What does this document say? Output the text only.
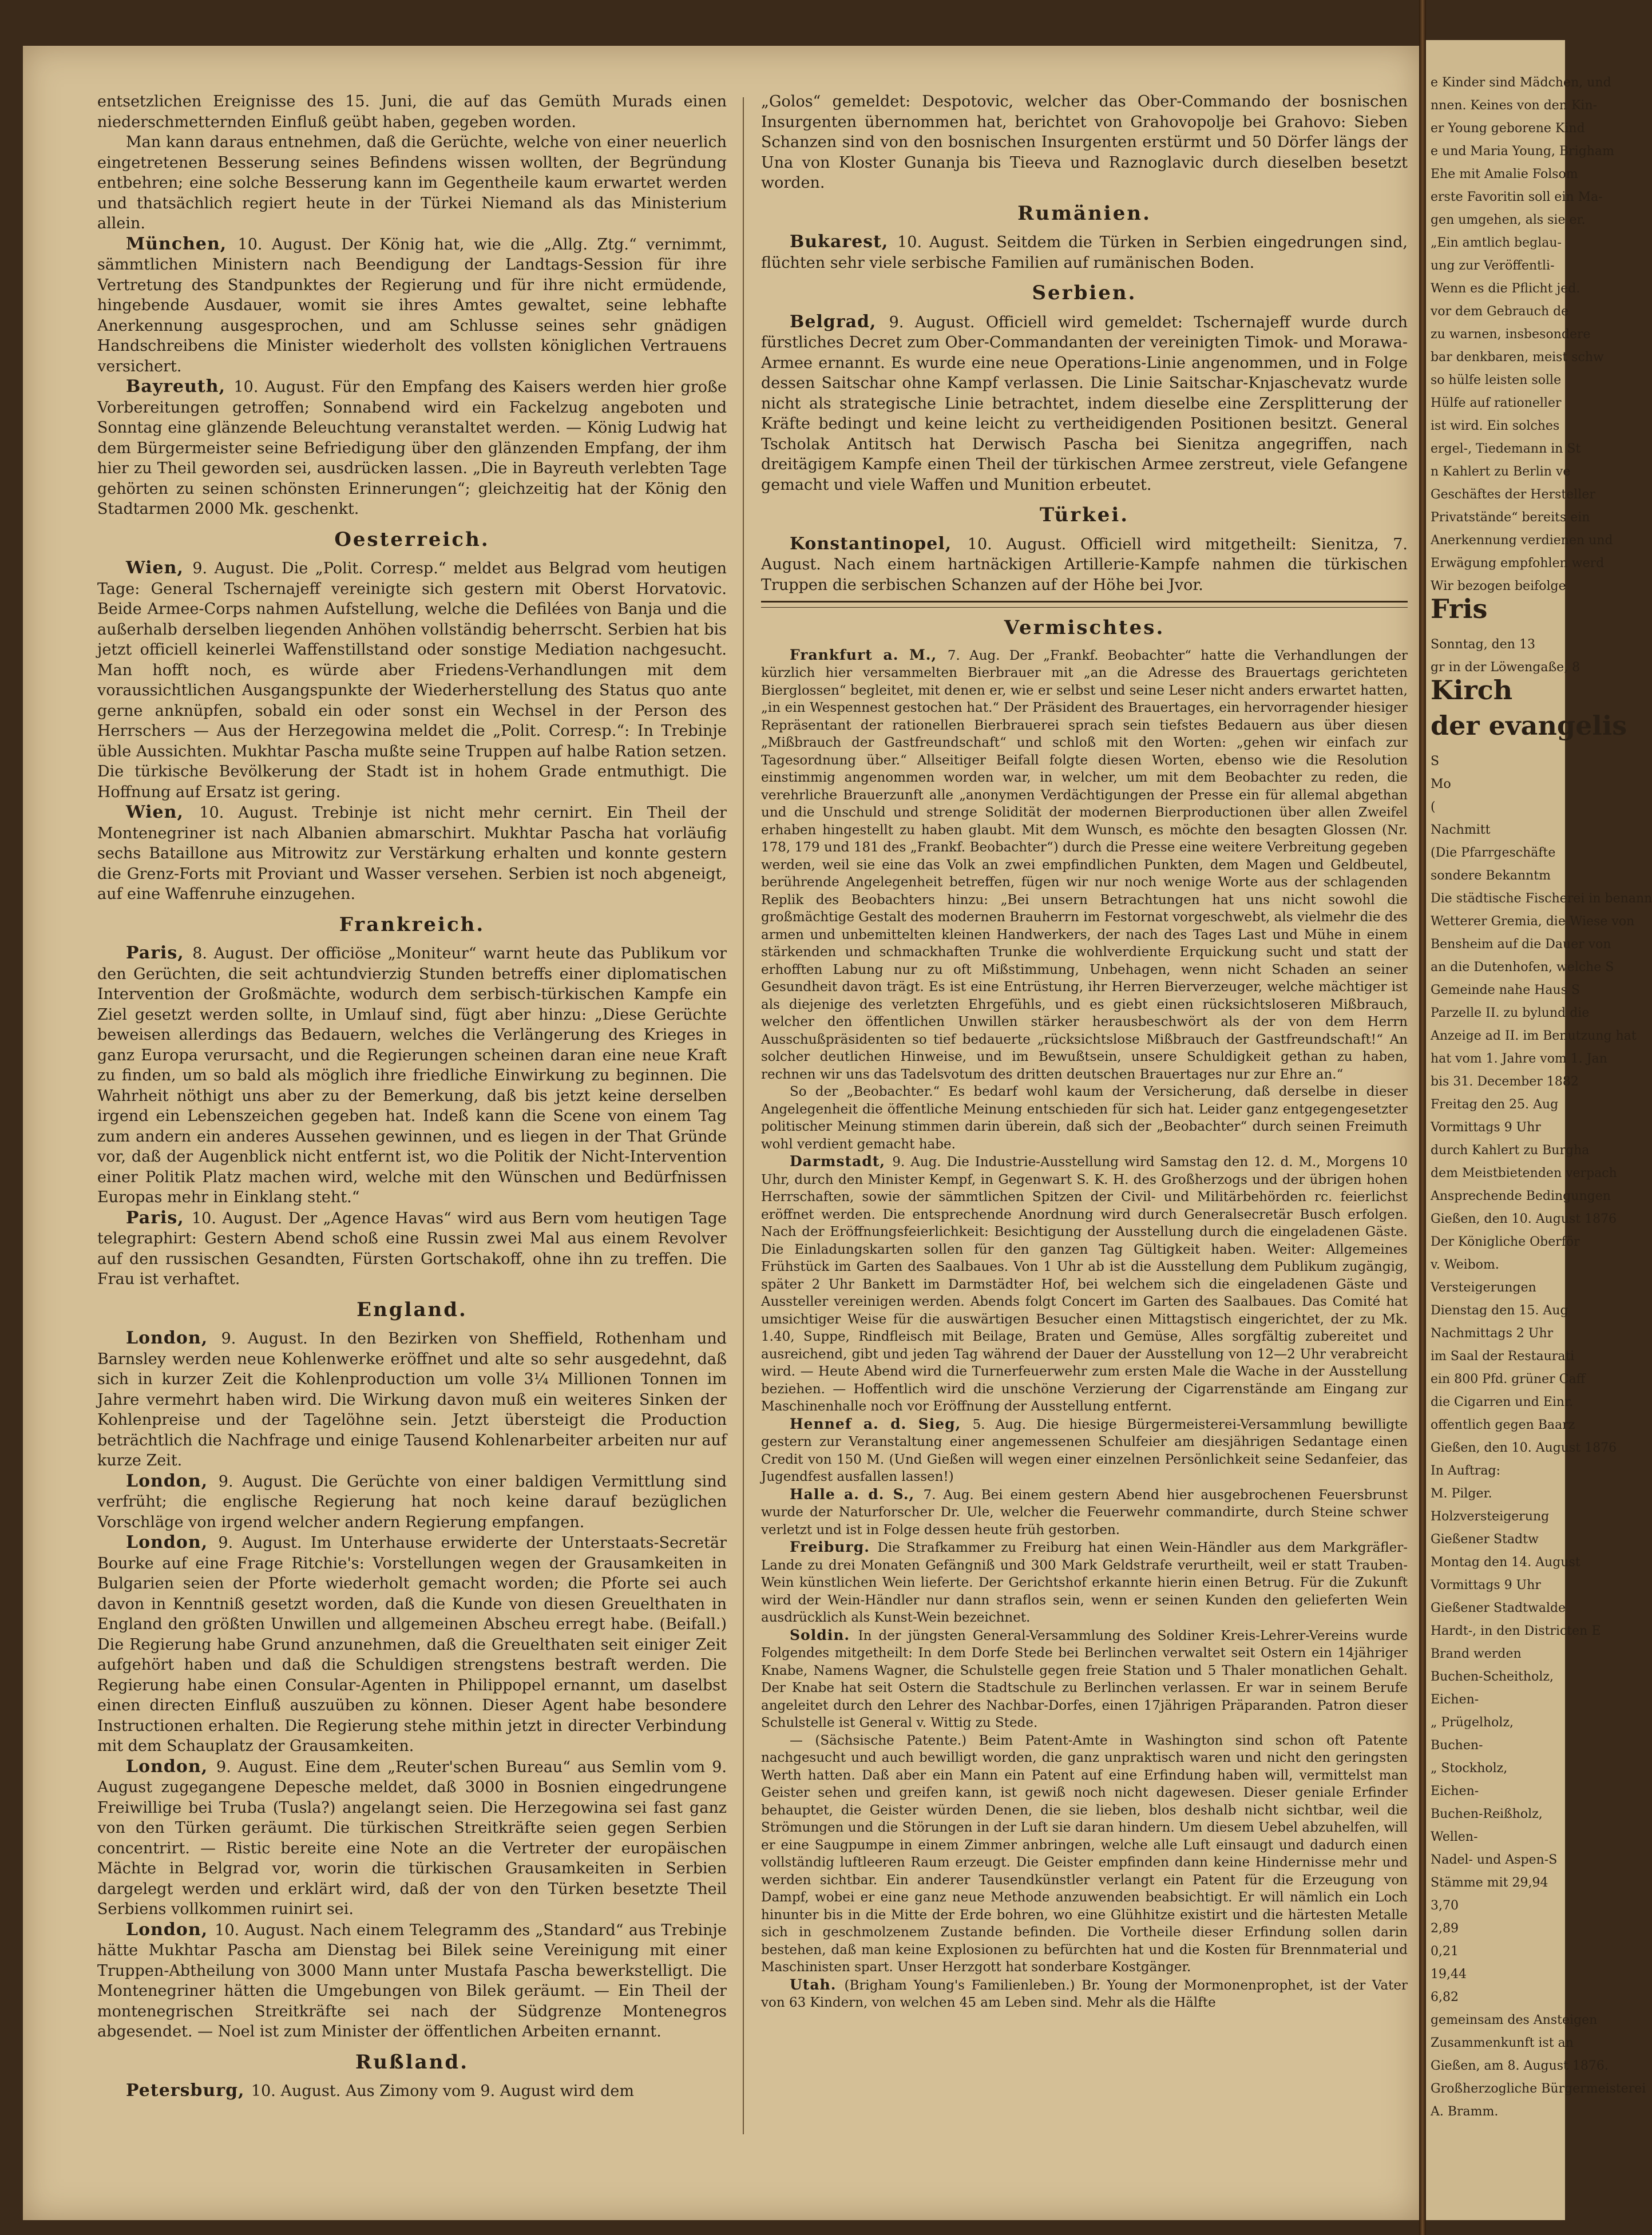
entsetzlichen Ereignisse des 15. Juni, die auf das Gemüth Murads einen niederschmetternden Einfluß geübt haben, gegeben worden.

Man kann daraus entnehmen, daß die Gerüchte, welche von einer neuerlich eingetretenen Besserung seines Befindens wissen wollten, der Begründung entbehren; eine solche Besserung kann im Gegentheile kaum erwartet werden und thatsächlich regiert heute in der Türkei Niemand als das Ministerium allein.

München, 10. August. Der König hat, wie die „Allg. Ztg.“ vernimmt, sämmtlichen Ministern nach Beendigung der Landtags-Session für ihre Vertretung des Standpunktes der Regierung und für ihre nicht ermüdende, hingebende Ausdauer, womit sie ihres Amtes gewaltet, seine lebhafte Anerkennung ausgesprochen, und am Schlusse seines sehr gnädigen Handschreibens die Minister wiederholt des vollsten königlichen Vertrauens versichert.

Bayreuth, 10. August. Für den Empfang des Kaisers werden hier große Vorbereitungen getroffen; Sonnabend wird ein Fackelzug angeboten und Sonntag eine glänzende Beleuchtung veranstaltet werden. — König Ludwig hat dem Bürgermeister seine Befriedigung über den glänzenden Empfang, der ihm hier zu Theil geworden sei, ausdrücken lassen. „Die in Bayreuth verlebten Tage gehörten zu seinen schönsten Erinnerungen“; gleichzeitig hat der König den Stadtarmen 2000 Mk. geschenkt.

Oesterreich.

Wien, 9. August. Die „Polit. Corresp.“ meldet aus Belgrad vom heutigen Tage: General Tschernajeff vereinigte sich gestern mit Oberst Horvatovic. Beide Armee-Corps nahmen Aufstellung, welche die Defilées von Banja und die außerhalb derselben liegenden Anhöhen vollständig beherrscht. Serbien hat bis jetzt officiell keinerlei Waffenstillstand oder sonstige Mediation nachgesucht. Man hofft noch, es würde aber Friedens-Verhandlungen mit dem voraussichtlichen Ausgangspunkte der Wiederherstellung des Status quo ante gerne anknüpfen, sobald ein oder sonst ein Wechsel in der Person des Herrschers — Aus der Herzegowina meldet die „Polit. Corresp.“: In Trebinje üble Aussichten. Mukhtar Pascha mußte seine Truppen auf halbe Ration setzen. Die türkische Bevölkerung der Stadt ist in hohem Grade entmuthigt. Die Hoffnung auf Ersatz ist gering.

Wien, 10. August. Trebinje ist nicht mehr cernirt. Ein Theil der Montenegriner ist nach Albanien abmarschirt. Mukhtar Pascha hat vorläufig sechs Bataillone aus Mitrowitz zur Verstärkung erhalten und konnte gestern die Grenz-Forts mit Proviant und Wasser versehen. Serbien ist noch abgeneigt, auf eine Waffenruhe einzugehen.

Frankreich.

Paris, 8. August. Der officiöse „Moniteur“ warnt heute das Publikum vor den Gerüchten, die seit achtundvierzig Stunden betreffs einer diplomatischen Intervention der Großmächte, wodurch dem serbisch-türkischen Kampfe ein Ziel gesetzt werden sollte, in Umlauf sind, fügt aber hinzu: „Diese Gerüchte beweisen allerdings das Bedauern, welches die Verlängerung des Krieges in ganz Europa verursacht, und die Regierungen scheinen daran eine neue Kraft zu finden, um so bald als möglich ihre friedliche Einwirkung zu beginnen. Die Wahrheit nöthigt uns aber zu der Bemerkung, daß bis jetzt keine derselben irgend ein Lebenszeichen gegeben hat. Indeß kann die Scene von einem Tag zum andern ein anderes Aussehen gewinnen, und es liegen in der That Gründe vor, daß der Augenblick nicht entfernt ist, wo die Politik der Nicht-Intervention einer Politik Platz machen wird, welche mit den Wünschen und Bedürfnissen Europas mehr in Einklang steht.“

Paris, 10. August. Der „Agence Havas“ wird aus Bern vom heutigen Tage telegraphirt: Gestern Abend schoß eine Russin zwei Mal aus einem Revolver auf den russischen Gesandten, Fürsten Gortschakoff, ohne ihn zu treffen. Die Frau ist verhaftet.

England.

London, 9. August. In den Bezirken von Sheffield, Rothenham und Barnsley werden neue Kohlenwerke eröffnet und alte so sehr ausgedehnt, daß sich in kurzer Zeit die Kohlenproduction um volle 3¼ Millionen Tonnen im Jahre vermehrt haben wird. Die Wirkung davon muß ein weiteres Sinken der Kohlenpreise und der Tagelöhne sein. Jetzt übersteigt die Production beträchtlich die Nachfrage und einige Tausend Kohlenarbeiter arbeiten nur auf kurze Zeit.

London, 9. August. Die Gerüchte von einer baldigen Vermittlung sind verfrüht; die englische Regierung hat noch keine darauf bezüglichen Vorschläge von irgend welcher andern Regierung empfangen.

London, 9. August. Im Unterhause erwiderte der Unterstaats-Secretär Bourke auf eine Frage Ritchie's: Vorstellungen wegen der Grausamkeiten in Bulgarien seien der Pforte wiederholt gemacht worden; die Pforte sei auch davon in Kenntniß gesetzt worden, daß die Kunde von diesen Greuelthaten in England den größten Unwillen und allgemeinen Abscheu erregt habe. (Beifall.) Die Regierung habe Grund anzunehmen, daß die Greuelthaten seit einiger Zeit aufgehört haben und daß die Schuldigen strengstens bestraft werden. Die Regierung habe einen Consular-Agenten in Philippopel ernannt, um daselbst einen directen Einfluß auszuüben zu können. Dieser Agent habe besondere Instructionen erhalten. Die Regierung stehe mithin jetzt in directer Verbindung mit dem Schauplatz der Grausamkeiten.

London, 9. August. Eine dem „Reuter'schen Bureau“ aus Semlin vom 9. August zugegangene Depesche meldet, daß 3000 in Bosnien eingedrungene Freiwillige bei Truba (Tusla?) angelangt seien. Die Herzegowina sei fast ganz von den Türken geräumt. Die türkischen Streitkräfte seien gegen Serbien concentrirt. — Ristic bereite eine Note an die Vertreter der europäischen Mächte in Belgrad vor, worin die türkischen Grausamkeiten in Serbien dargelegt werden und erklärt wird, daß der von den Türken besetzte Theil Serbiens vollkommen ruinirt sei.

London, 10. August. Nach einem Telegramm des „Standard“ aus Trebinje hätte Mukhtar Pascha am Dienstag bei Bilek seine Vereinigung mit einer Truppen-Abtheilung von 3000 Mann unter Mustafa Pascha bewerkstelligt. Die Montenegriner hätten die Umgebungen von Bilek geräumt. — Ein Theil der montenegrischen Streitkräfte sei nach der Südgrenze Montenegros abgesendet. — Noel ist zum Minister der öffentlichen Arbeiten ernannt.

Rußland.

Petersburg, 10. August. Aus Zimony vom 9. August wird dem

„Golos“ gemeldet: Despotovic, welcher das Ober-Commando der bosnischen Insurgenten übernommen hat, berichtet von Grahovopolje bei Grahovo: Sieben Schanzen sind von den bosnischen Insurgenten erstürmt und 50 Dörfer längs der Una von Kloster Gunanja bis Tieeva und Raznoglavic durch dieselben besetzt worden.

Rumänien.

Bukarest, 10. August. Seitdem die Türken in Serbien eingedrungen sind, flüchten sehr viele serbische Familien auf rumänischen Boden.

Serbien.

Belgrad, 9. August. Officiell wird gemeldet: Tschernajeff wurde durch fürstliches Decret zum Ober-Commandanten der vereinigten Timok- und Morawa-Armee ernannt. Es wurde eine neue Operations-Linie angenommen, und in Folge dessen Saitschar ohne Kampf verlassen. Die Linie Saitschar-Knjaschevatz wurde nicht als strategische Linie betrachtet, indem dieselbe eine Zersplitterung der Kräfte bedingt und keine leicht zu vertheidigenden Positionen besitzt. General Tscholak Antitsch hat Derwisch Pascha bei Sienitza angegriffen, nach dreitägigem Kampfe einen Theil der türkischen Armee zerstreut, viele Gefangene gemacht und viele Waffen und Munition erbeutet.

Türkei.

Konstantinopel, 10. August. Officiell wird mitgetheilt: Sienitza, 7. August. Nach einem hartnäckigen Artillerie-Kampfe nahmen die türkischen Truppen die serbischen Schanzen auf der Höhe bei Jvor.

Vermischtes.

Frankfurt a. M., 7. Aug. Der „Frankf. Beobachter“ hatte die Verhandlungen der kürzlich hier versammelten Bierbrauer mit „an die Adresse des Brauertags gerichteten Bierglossen“ begleitet, mit denen er, wie er selbst und seine Leser nicht anders erwartet hatten, „in ein Wespennest gestochen hat.“ Der Präsident des Brauertages, ein hervorragender hiesiger Repräsentant der rationellen Bierbrauerei sprach sein tiefstes Bedauern aus über diesen „Mißbrauch der Gastfreundschaft“ und schloß mit den Worten: „gehen wir einfach zur Tagesordnung über.“ Allseitiger Beifall folgte diesen Worten, ebenso wie die Resolution einstimmig angenommen worden war, in welcher, um mit dem Beobachter zu reden, die verehrliche Brauerzunft alle „anonymen Verdächtigungen der Presse ein für allemal abgethan und die Unschuld und strenge Solidität der modernen Bierproductionen über allen Zweifel erhaben hingestellt zu haben glaubt. Mit dem Wunsch, es möchte den besagten Glossen (Nr. 178, 179 und 181 des „Frankf. Beobachter“) durch die Presse eine weitere Verbreitung gegeben werden, weil sie eine das Volk an zwei empfindlichen Punkten, dem Magen und Geldbeutel, berührende Angelegenheit betreffen, fügen wir nur noch wenige Worte aus der schlagenden Replik des Beobachters hinzu: „Bei unsern Betrachtungen hat uns nicht sowohl die großmächtige Gestalt des modernen Brauherrn im Festornat vorgeschwebt, als vielmehr die des armen und unbemittelten kleinen Handwerkers, der nach des Tages Last und Mühe in einem stärkenden und schmackhaften Trunke die wohlverdiente Erquickung sucht und statt der erhofften Labung nur zu oft Mißstimmung, Unbehagen, wenn nicht Schaden an seiner Gesundheit davon trägt. Es ist eine Entrüstung, ihr Herren Bierverzeuger, welche mächtiger ist als diejenige des verletzten Ehrgefühls, und es giebt einen rücksichtsloseren Mißbrauch, welcher den öffentlichen Unwillen stärker herausbeschwört als der von dem Herrn Ausschußpräsidenten so tief bedauerte „rücksichtslose Mißbrauch der Gastfreundschaft!“ An solcher deutlichen Hinweise, und im Bewußtsein, unsere Schuldigkeit gethan zu haben, rechnen wir uns das Tadelsvotum des dritten deutschen Brauertages nur zur Ehre an.“

So der „Beobachter.“ Es bedarf wohl kaum der Versicherung, daß derselbe in dieser Angelegenheit die öffentliche Meinung entschieden für sich hat. Leider ganz entgegengesetzter politischer Meinung stimmen darin überein, daß sich der „Beobachter“ durch seinen Freimuth wohl verdient gemacht habe.

Darmstadt, 9. Aug. Die Industrie-Ausstellung wird Samstag den 12. d. M., Morgens 10 Uhr, durch den Minister Kempf, in Gegenwart S. K. H. des Großherzogs und der übrigen hohen Herrschaften, sowie der sämmtlichen Spitzen der Civil- und Militärbehörden rc. feierlichst eröffnet werden. Die entsprechende Anordnung wird durch Generalsecretär Busch erfolgen. Nach der Eröffnungsfeierlichkeit: Besichtigung der Ausstellung durch die eingeladenen Gäste. Die Einladungskarten sollen für den ganzen Tag Gültigkeit haben. Weiter: Allgemeines Frühstück im Garten des Saalbaues. Von 1 Uhr ab ist die Ausstellung dem Publikum zugängig, später 2 Uhr Bankett im Darmstädter Hof, bei welchem sich die eingeladenen Gäste und Aussteller vereinigen werden. Abends folgt Concert im Garten des Saalbaues. Das Comité hat umsichtiger Weise für die auswärtigen Besucher einen Mittagstisch eingerichtet, der zu Mk. 1.40, Suppe, Rindfleisch mit Beilage, Braten und Gemüse, Alles sorgfältig zubereitet und ausreichend, gibt und jeden Tag während der Dauer der Ausstellung von 12—2 Uhr verabreicht wird. — Heute Abend wird die Turnerfeuerwehr zum ersten Male die Wache in der Ausstellung beziehen. — Hoffentlich wird die unschöne Verzierung der Cigarrenstände am Eingang zur Maschinenhalle noch vor Eröffnung der Ausstellung entfernt.

Hennef a. d. Sieg, 5. Aug. Die hiesige Bürgermeisterei-Versammlung bewilligte gestern zur Veranstaltung einer angemessenen Schulfeier am diesjährigen Sedantage einen Credit von 150 M. (Und Gießen will wegen einer einzelnen Persönlichkeit seine Sedanfeier, das Jugendfest ausfallen lassen!)

Halle a. d. S., 7. Aug. Bei einem gestern Abend hier ausgebrochenen Feuersbrunst wurde der Naturforscher Dr. Ule, welcher die Feuerwehr commandirte, durch Steine schwer verletzt und ist in Folge dessen heute früh gestorben.

Freiburg. Die Strafkammer zu Freiburg hat einen Wein-Händler aus dem Markgräfler-Lande zu drei Monaten Gefängniß und 300 Mark Geldstrafe verurtheilt, weil er statt Trauben-Wein künstlichen Wein lieferte. Der Gerichtshof erkannte hierin einen Betrug. Für die Zukunft wird der Wein-Händler nur dann straflos sein, wenn er seinen Kunden den gelieferten Wein ausdrücklich als Kunst-Wein bezeichnet.

Soldin. In der jüngsten General-Versammlung des Soldiner Kreis-Lehrer-Vereins wurde Folgendes mitgetheilt: In dem Dorfe Stede bei Berlinchen verwaltet seit Ostern ein 14jähriger Knabe, Namens Wagner, die Schulstelle gegen freie Station und 5 Thaler monatlichen Gehalt. Der Knabe hat seit Ostern die Stadtschule zu Berlinchen verlassen. Er war in seinem Berufe angeleitet durch den Lehrer des Nachbar-Dorfes, einen 17jährigen Präparanden. Patron dieser Schulstelle ist General v. Wittig zu Stede.

— (Sächsische Patente.) Beim Patent-Amte in Washington sind schon oft Patente nachgesucht und auch bewilligt worden, die ganz unpraktisch waren und nicht den geringsten Werth hatten. Daß aber ein Mann ein Patent auf eine Erfindung haben will, vermittelst man Geister sehen und greifen kann, ist gewiß noch nicht dagewesen. Dieser geniale Erfinder behauptet, die Geister würden Denen, die sie lieben, blos deshalb nicht sichtbar, weil die Strömungen und die Störungen in der Luft sie daran hindern. Um diesem Uebel abzuhelfen, will er eine Saugpumpe in einem Zimmer anbringen, welche alle Luft einsaugt und dadurch einen vollständig luftleeren Raum erzeugt. Die Geister empfinden dann keine Hindernisse mehr und werden sichtbar. Ein anderer Tausendkünstler verlangt ein Patent für die Erzeugung von Dampf, wobei er eine ganz neue Methode anzuwenden beabsichtigt. Er will nämlich ein Loch hinunter bis in die Mitte der Erde bohren, wo eine Glühhitze existirt und die härtesten Metalle sich in geschmolzenem Zustande befinden. Die Vortheile dieser Erfindung sollen darin bestehen, daß man keine Explosionen zu befürchten hat und die Kosten für Brennmaterial und Maschinisten spart. Unser Herzgott hat sonderbare Kostgänger.

Utah. (Brigham Young's Familienleben.) Br. Young der Mormonenprophet, ist der Vater von 63 Kindern, von welchen 45 am Leben sind. Mehr als die Hälfte

e Kinder sind Mädchen, und
nnen. Keines von den Kin-
er Young geborene Kind
e und Maria Young, Brigham
Ehe mit Amalie Folsom
erste Favoritin soll ein Ma-
gen umgehen, als sie er.
„Ein amtlich beglau-
ung zur Veröffentli-
Wenn es die Pflicht jed.
vor dem Gebrauch de
zu warnen, insbesondere
bar denkbaren, meist schw
so hülfe leisten solle
Hülfe auf rationeller
ist wird. Ein solches
ergel-, Tiedemann in St
n Kahlert zu Berlin ve
Geschäftes der Hersteller
Privatstände“ bereits ein
Anerkennung verdienen und
Erwägung empfohlen werd
Wir bezogen beifolge
Fris
Sonntag, den 13
gr in der Löwengaße, 8
Kirch
der evangelis
S
Mo
(
Nachmitt
(Die Pfarrgeschäfte
sondere Bekanntm
Die städtische Fischerei in benann
Wetterer Gremia, die Wiese von
Bensheim auf die Dauer von
an die Dutenhofen, welche S
Gemeinde nahe Haus S
Parzelle II. zu bylund die
Anzeige ad II. im Benutzung hat
hat vom 1. Jahre vom 1. Jan
bis 31. December 1882
Freitag den 25. Aug
Vormittags 9 Uhr
durch Kahlert zu Burgha
dem Meistbietenden verpach
Ansprechende Bedingungen
Gießen, den 10. August 1876
Der Königliche Oberför
v. Weibom.
Versteigerungen
Dienstag den 15. Aug
Nachmittags 2 Uhr
im Saal der Restaurati
ein 800 Pfd. grüner Caff
die Cigarren und Einr.
offentlich gegen Baarz
Gießen, den 10. August 1876
In Auftrag:
M. Pilger.
Holzversteigerung
Gießener Stadtw
Montag den 14. August
Vormittags 9 Uhr
Gießener Stadtwalde
Hardt-, in den Districten E
Brand werden
Buchen-Scheitholz,
Eichen-
„ Prügelholz,
Buchen-
„ Stockholz,
Eichen-
Buchen-Reißholz,
Wellen-
Nadel- und Aspen-S
Stämme mit 29,94
3,70
2,89
0,21
19,44
6,82
gemeinsam des Ansteigen
Zusammenkunft ist an
Gießen, am 8. August 1876.
Großherzogliche Bürgermeisterei
A. Bramm.
